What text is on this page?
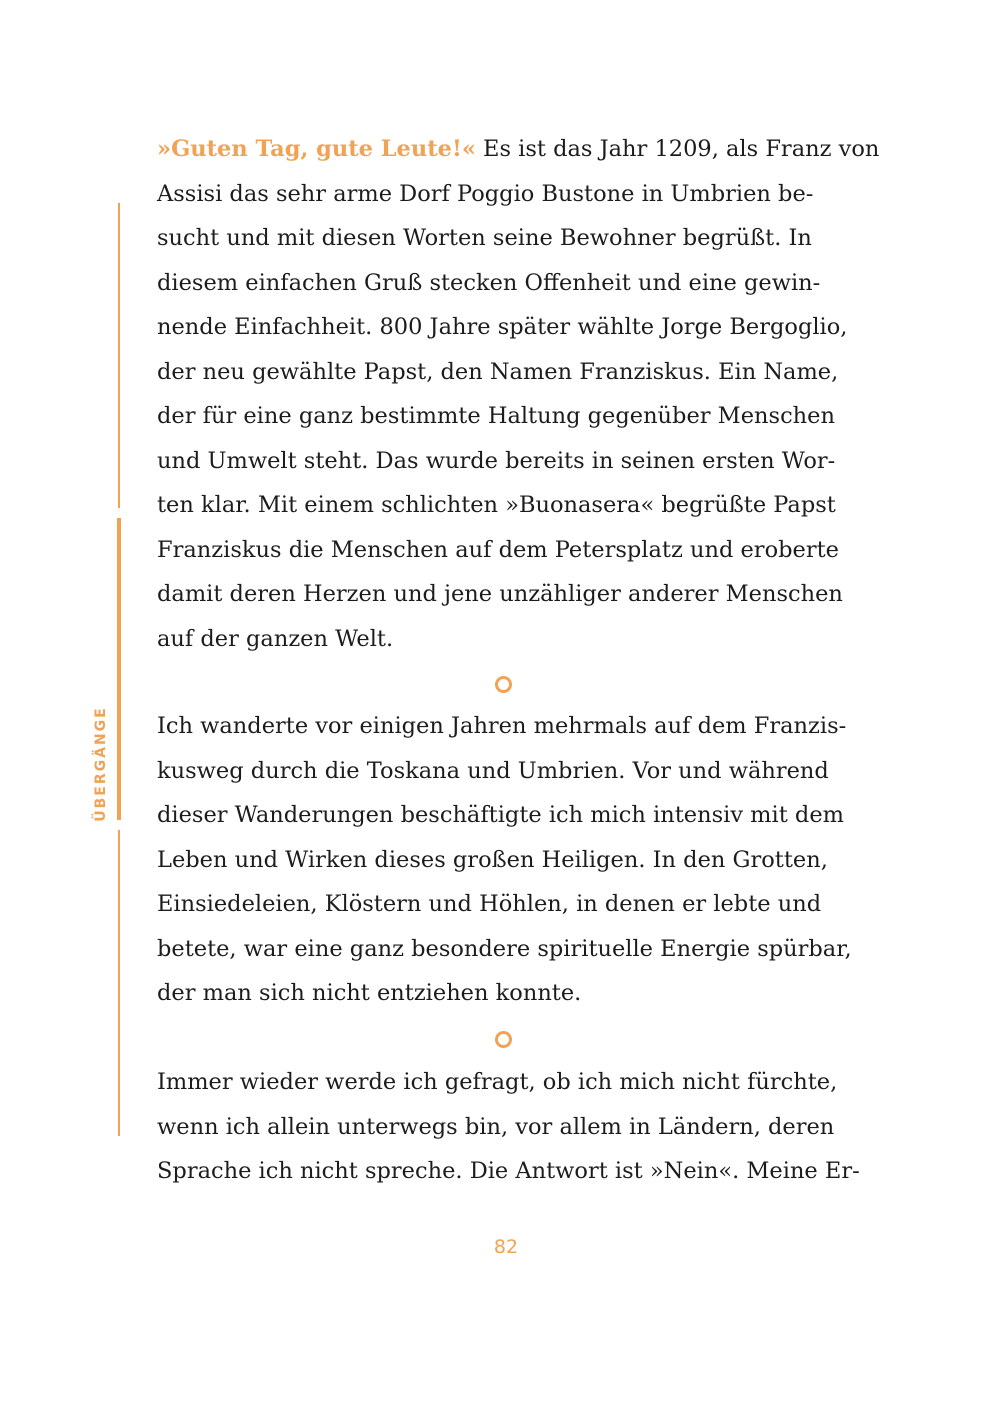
ÜBERGÄNGE
»Guten Tag, gute Leute!« Es ist das Jahr 1209, als Franz von
Assisi das sehr arme Dorf Poggio Bustone in Umbrien be-
sucht und mit diesen Worten seine Bewohner begrüßt. In
diesem einfachen Gruß stecken Offenheit und eine gewin-
nende Einfachheit. 800 Jahre später wählte Jorge Bergoglio,
der neu gewählte Papst, den Namen Franziskus. Ein Name,
der für eine ganz bestimmte Haltung gegenüber Menschen
und Umwelt steht. Das wurde bereits in seinen ersten Wor-
ten klar. Mit einem schlichten »Buonasera« begrüßte Papst
Franziskus die Menschen auf dem Petersplatz und eroberte
damit deren Herzen und jene unzähliger anderer Menschen
auf der ganzen Welt.
Ich wanderte vor einigen Jahren mehrmals auf dem Franzis-
kusweg durch die Toskana und Umbrien. Vor und während
dieser Wanderungen beschäftigte ich mich intensiv mit dem
Leben und Wirken dieses großen Heiligen. In den Grotten,
Einsiedeleien, Klöstern und Höhlen, in denen er lebte und
betete, war eine ganz besondere spirituelle Energie spürbar,
der man sich nicht entziehen konnte.
Immer wieder werde ich gefragt, ob ich mich nicht fürchte,
wenn ich allein unterwegs bin, vor allem in Ländern, deren
Sprache ich nicht spreche. Die Antwort ist »Nein«. Meine Er-
82
